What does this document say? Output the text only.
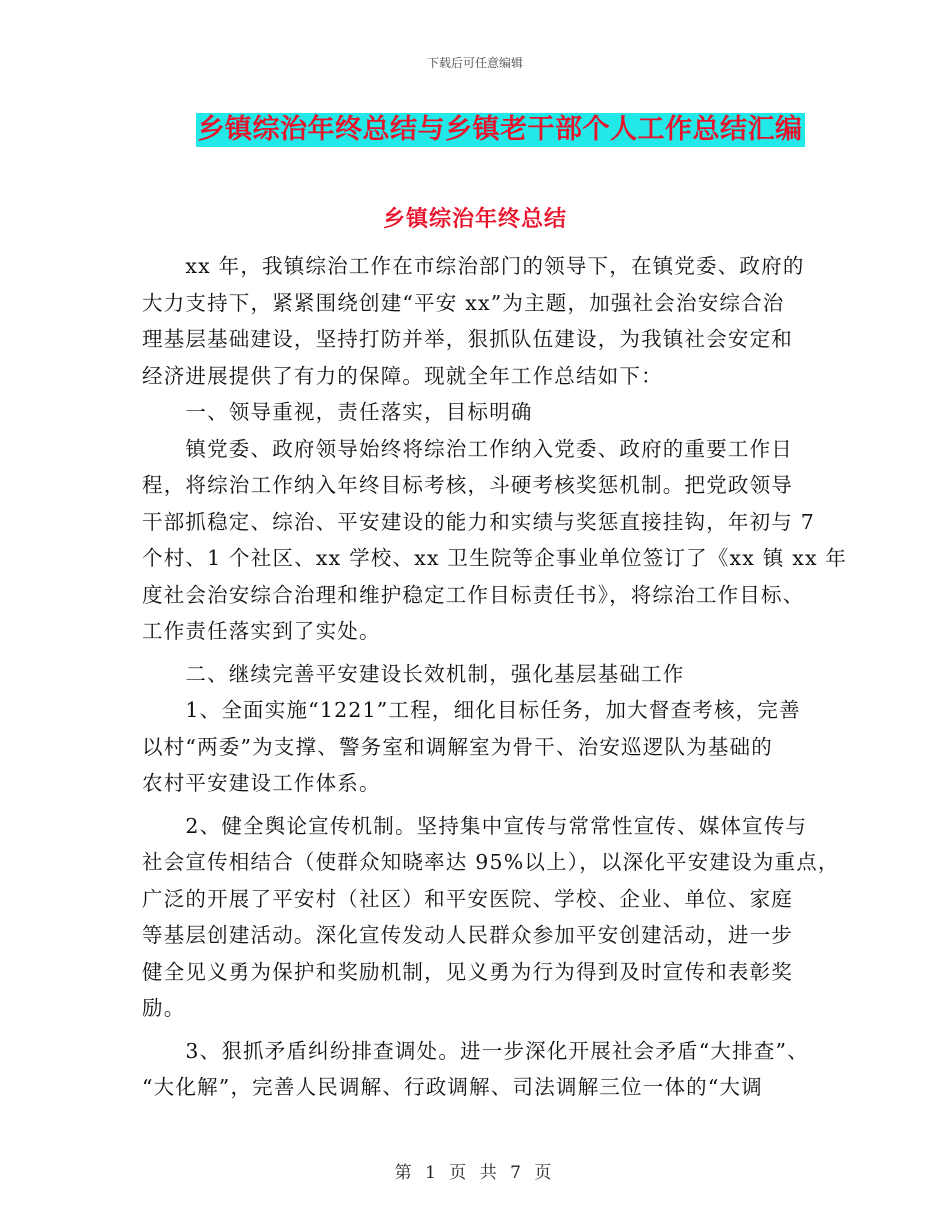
下载后可任意编辑
乡镇综治年终总结与乡镇老干部个人工作总结汇编
乡镇综治年终总结
　　xx 年，我镇综治工作在市综治部门的领导下，在镇党委、政府的
大力支持下，紧紧围绕创建“平安 xx”为主题，加强社会治安综合治
理基层基础建设，坚持打防并举，狠抓队伍建设，为我镇社会安定和
经济进展提供了有力的保障。现就全年工作总结如下：
　　一、领导重视，责任落实，目标明确
　　镇党委、政府领导始终将综治工作纳入党委、政府的重要工作日
程，将综治工作纳入年终目标考核，斗硬考核奖惩机制。把党政领导
干部抓稳定、综治、平安建设的能力和实绩与奖惩直接挂钩，年初与 7
个村、1 个社区、xx 学校、xx 卫生院等企事业单位签订了《xx 镇 xx 年
度社会治安综合治理和维护稳定工作目标责任书》，将综治工作目标、
工作责任落实到了实处。
　　二、继续完善平安建设长效机制，强化基层基础工作
　　1、全面实施“1221”工程，细化目标任务，加大督查考核，完善
以村“两委”为支撑、警务室和调解室为骨干、治安巡逻队为基础的
农村平安建设工作体系。
　　2、健全舆论宣传机制。坚持集中宣传与常常性宣传、媒体宣传与
社会宣传相结合（使群众知晓率达 95%以上），以深化平安建设为重点，
广泛的开展了平安村（社区）和平安医院、学校、企业、单位、家庭
等基层创建活动。深化宣传发动人民群众参加平安创建活动，进一步
健全见义勇为保护和奖励机制，见义勇为行为得到及时宣传和表彰奖
励。
　　3、狠抓矛盾纠纷排查调处。进一步深化开展社会矛盾“大排查”、
“大化解”，完善人民调解、行政调解、司法调解三位一体的“大调
第 1 页 共 7 页
